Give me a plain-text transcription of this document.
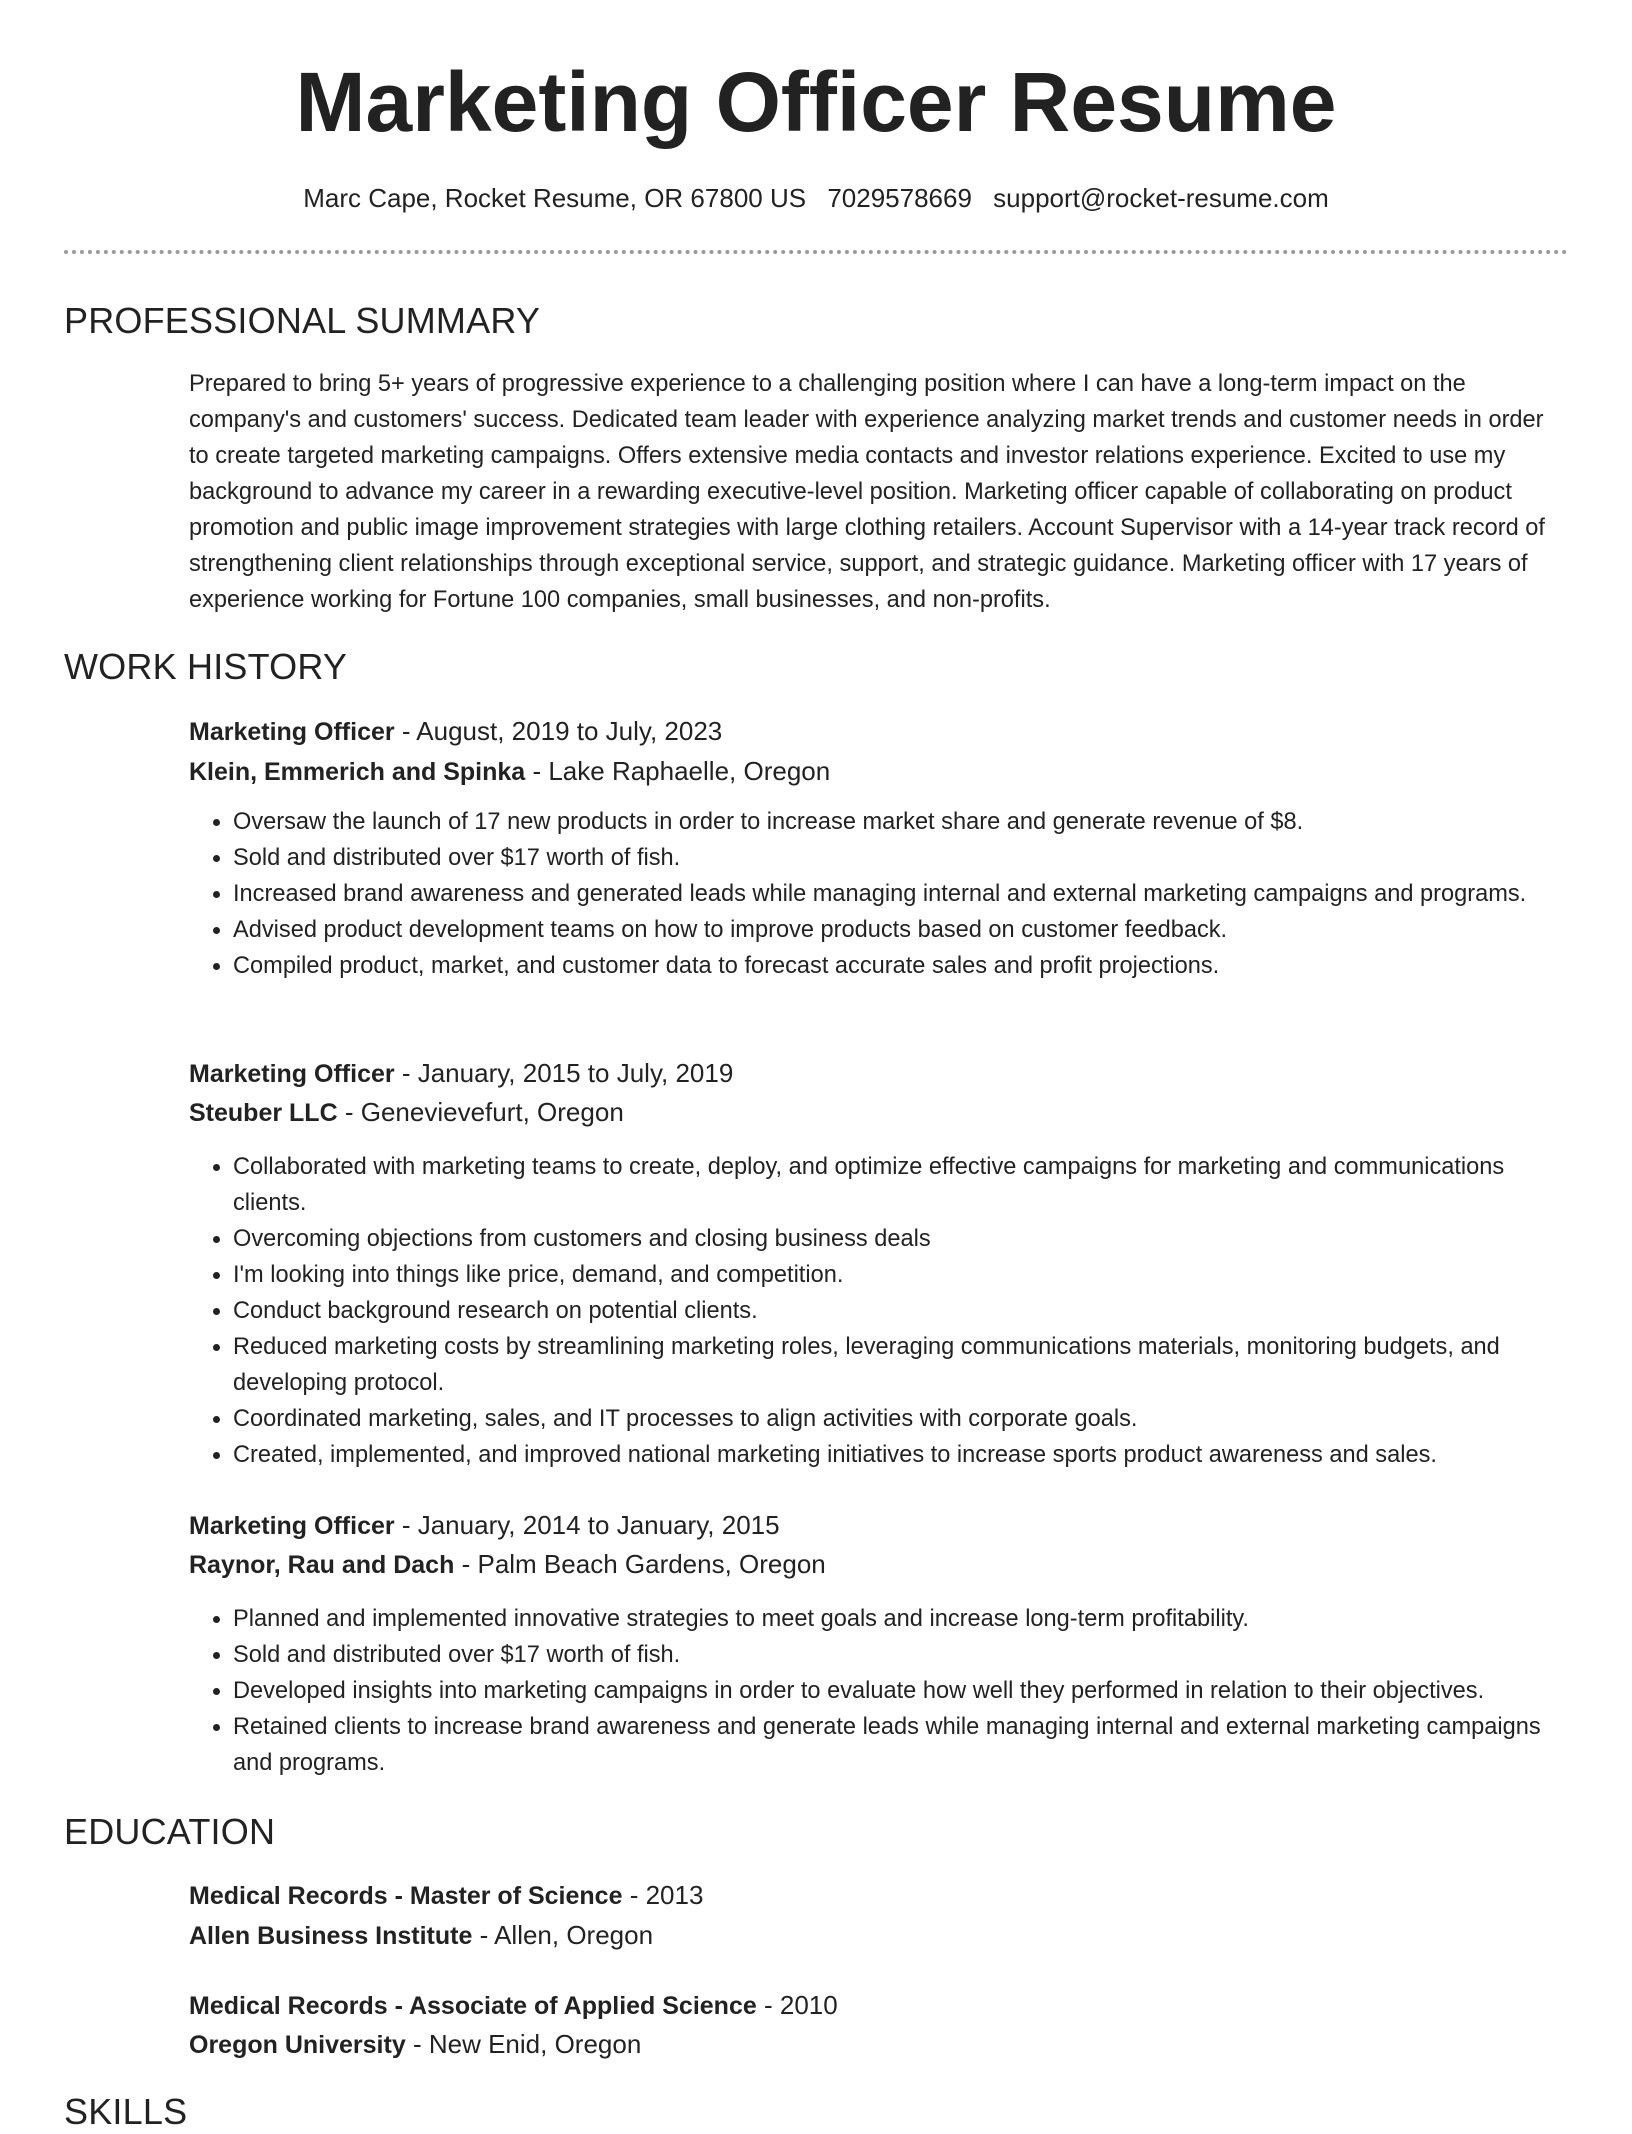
Marketing Officer Resume
Marc Cape, Rocket Resume, OR 67800 US 7029578669 support@rocket-resume.com
PROFESSIONAL SUMMARY

Prepared to bring 5+ years of progressive experience to a challenging position where I can have a long-term impact on the company's and customers' success. Dedicated team leader with experience analyzing market trends and customer needs in order to create targeted marketing campaigns. Offers extensive media contacts and investor relations experience. Excited to use my background to advance my career in a rewarding executive-level position. Marketing officer capable of collaborating on product promotion and public image improvement strategies with large clothing retailers. Account Supervisor with a 14-year track record of strengthening client relationships through exceptional service, support, and strategic guidance. Marketing officer with 17 years of experience working for Fortune 100 companies, small businesses, and non-profits.

WORK HISTORY
Marketing Officer - August, 2019 to July, 2023
Klein, Emmerich and Spinka - Lake Raphaelle, Oregon
• Oversaw the launch of 17 new products in order to increase market share and generate revenue of $8.
• Sold and distributed over $17 worth of fish.
• Increased brand awareness and generated leads while managing internal and external marketing campaigns and programs.
• Advised product development teams on how to improve products based on customer feedback.
• Compiled product, market, and customer data to forecast accurate sales and profit projections.
Marketing Officer - January, 2015 to July, 2019
Steuber LLC - Genevievefurt, Oregon
• Collaborated with marketing teams to create, deploy, and optimize effective campaigns for marketing and communications clients.
• Overcoming objections from customers and closing business deals
• I'm looking into things like price, demand, and competition.
• Conduct background research on potential clients.
• Reduced marketing costs by streamlining marketing roles, leveraging communications materials, monitoring budgets, and developing protocol.
• Coordinated marketing, sales, and IT processes to align activities with corporate goals.
• Created, implemented, and improved national marketing initiatives to increase sports product awareness and sales.
Marketing Officer - January, 2014 to January, 2015
Raynor, Rau and Dach - Palm Beach Gardens, Oregon
• Planned and implemented innovative strategies to meet goals and increase long-term profitability.
• Sold and distributed over $17 worth of fish.
• Developed insights into marketing campaigns in order to evaluate how well they performed in relation to their objectives.
• Retained clients to increase brand awareness and generate leads while managing internal and external marketing campaigns and programs.
EDUCATION
Medical Records - Master of Science - 2013
Allen Business Institute - Allen, Oregon
Medical Records - Associate of Applied Science - 2010
Oregon University - New Enid, Oregon
SKILLS
